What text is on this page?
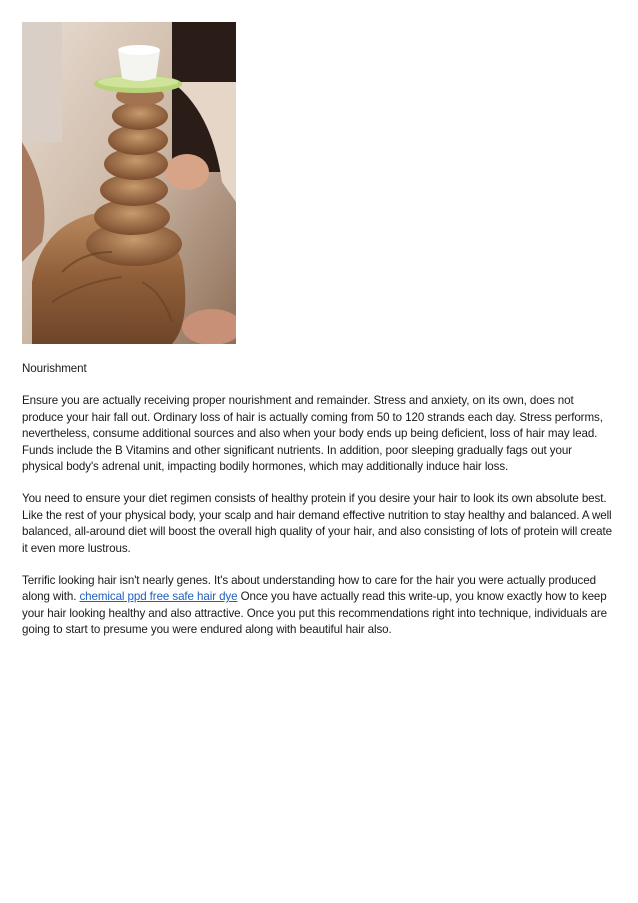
Nourishment

Ensure you are actually receiving proper nourishment and remainder. Stress and anxiety, on its own, does not produce your hair fall out. Ordinary loss of hair is actually coming from 50 to 120 strands each day. Stress performs, nevertheless, consume additional sources and also when your body ends up being deficient, loss of hair may lead. Funds include the B Vitamins and other significant nutrients. In addition, poor sleeping gradually fags out your physical body's adrenal unit, impacting bodily hormones, which may additionally induce hair loss.

You need to ensure your diet regimen consists of healthy protein if you desire your hair to look its own absolute best. Like the rest of your physical body, your scalp and hair demand effective nutrition to stay healthy and balanced. A well balanced, all-around diet will boost the overall high quality of your hair, and also consisting of lots of protein will create it even more lustrous.

Terrific looking hair isn't nearly genes. It's about understanding how to care for the hair you were actually produced along with. chemical ppd free safe hair dye Once you have actually read this write-up, you know exactly how to keep your hair looking healthy and also attractive. Once you put this recommendations right into technique, individuals are going to start to presume you were endured along with beautiful hair also.
